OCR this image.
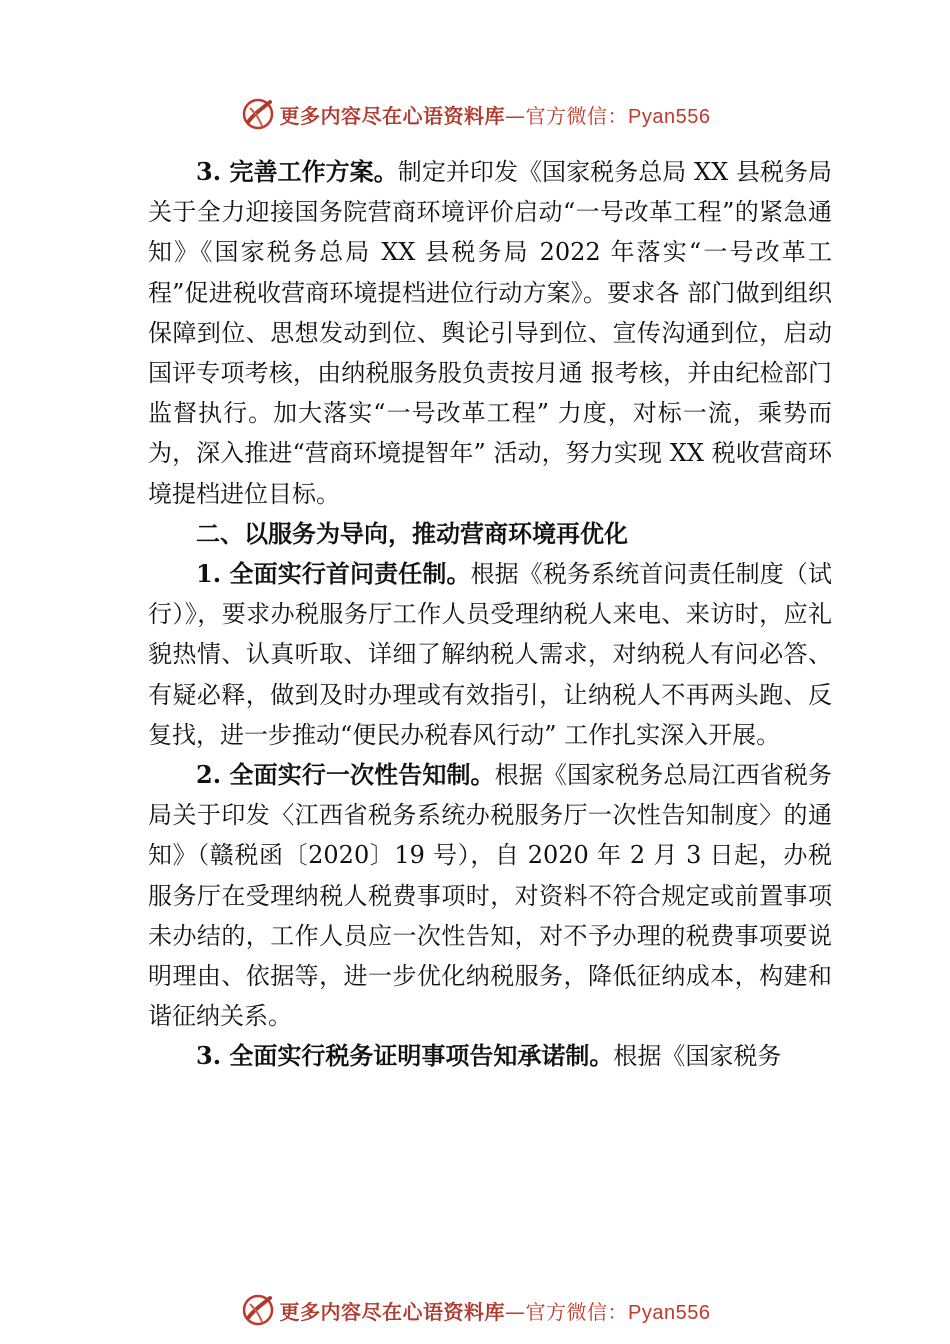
更多内容尽在心语资料库—官方微信：Pyan556

3. 完善工作方案。制定并印发《国家税务总局 XX 县税务局关于全力迎接国务院营商环境评价启动“一号改革工程”的紧急通知》《国家税务总局 XX 县税务局 2022 年落实“一号改革工程”促进税收营商环境提档进位行动方案》。要求各 部门做到组织保障到位、思想发动到位、舆论引导到位、宣传沟通到位，启动国评专项考核，由纳税服务股负责按月通 报考核，并由纪检部门监督执行。加大落实“一号改革工程” 力度，对标一流，乘势而为，深入推进“营商环境提智年” 活动，努力实现 XX 税收营商环境提档进位目标。

二、以服务为导向，推动营商环境再优化

1. 全面实行首问责任制。根据《税务系统首问责任制度（试行）》，要求办税服务厅工作人员受理纳税人来电、来访时，应礼貌热情、认真听取、详细了解纳税人需求，对纳税人有问必答、有疑必释，做到及时办理或有效指引，让纳税人不再两头跑、反复找，进一步推动“便民办税春风行动” 工作扎实深入开展。

2. 全面实行一次性告知制。根据《国家税务总局江西省税务局关于印发〈江西省税务系统办税服务厅一次性告知制度〉的通知》（赣税函〔2020〕19 号），自 2020 年 2 月 3 日起，办税服务厅在受理纳税人税费事项时，对资料不符合规定或前置事项未办结的，工作人员应一次性告知，对不予办理的税费事项要说明理由、依据等，进一步优化纳税服务，降低征纳成本，构建和谐征纳关系。

3. 全面实行税务证明事项告知承诺制。根据《国家税务

更多内容尽在心语资料库—官方微信：Pyan556
